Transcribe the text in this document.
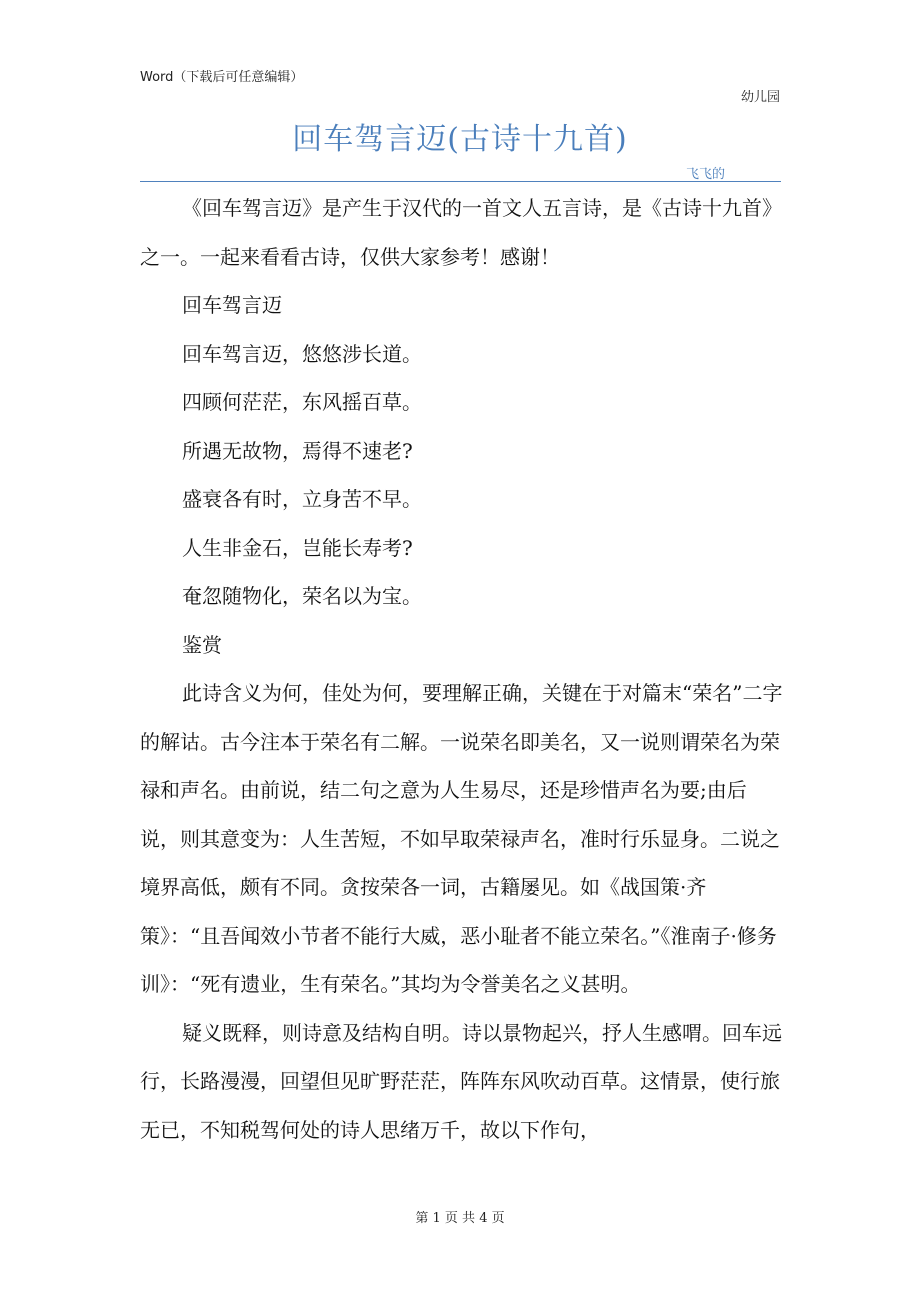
Word（下载后可任意编辑）
幼儿园
回车驾言迈(古诗十九首)
飞飞的

《回车驾言迈》是产生于汉代的一首文人五言诗，是《古诗十九首》之一。一起来看看古诗，仅供大家参考！感谢！

回车驾言迈

回车驾言迈，悠悠涉长道。

四顾何茫茫，东风摇百草。

所遇无故物，焉得不速老?

盛衰各有时，立身苦不早。

人生非金石，岂能长寿考?

奄忽随物化，荣名以为宝。

鉴赏

此诗含义为何，佳处为何，要理解正确，关键在于对篇末“荣名”二字的解诂。古今注本于荣名有二解。一说荣名即美名，又一说则谓荣名为荣禄和声名。由前说，结二句之意为人生易尽，还是珍惜声名为要;由后说，则其意变为：人生苦短，不如早取荣禄声名，准时行乐显身。二说之境界高低，颇有不同。贪按荣各一词，古籍屡见。如《战国策·齐策》：“且吾闻效小节者不能行大威，恶小耻者不能立荣名。”《淮南子·修务训》：“死有遗业，生有荣名。”其均为令誉美名之义甚明。

疑义既释，则诗意及结构自明。诗以景物起兴，抒人生感喟。回车远行，长路漫漫，回望但见旷野茫茫，阵阵东风吹动百草。这情景，使行旅无已，不知税驾何处的诗人思绪万千，故以下作句，

第 1 页 共 4 页
